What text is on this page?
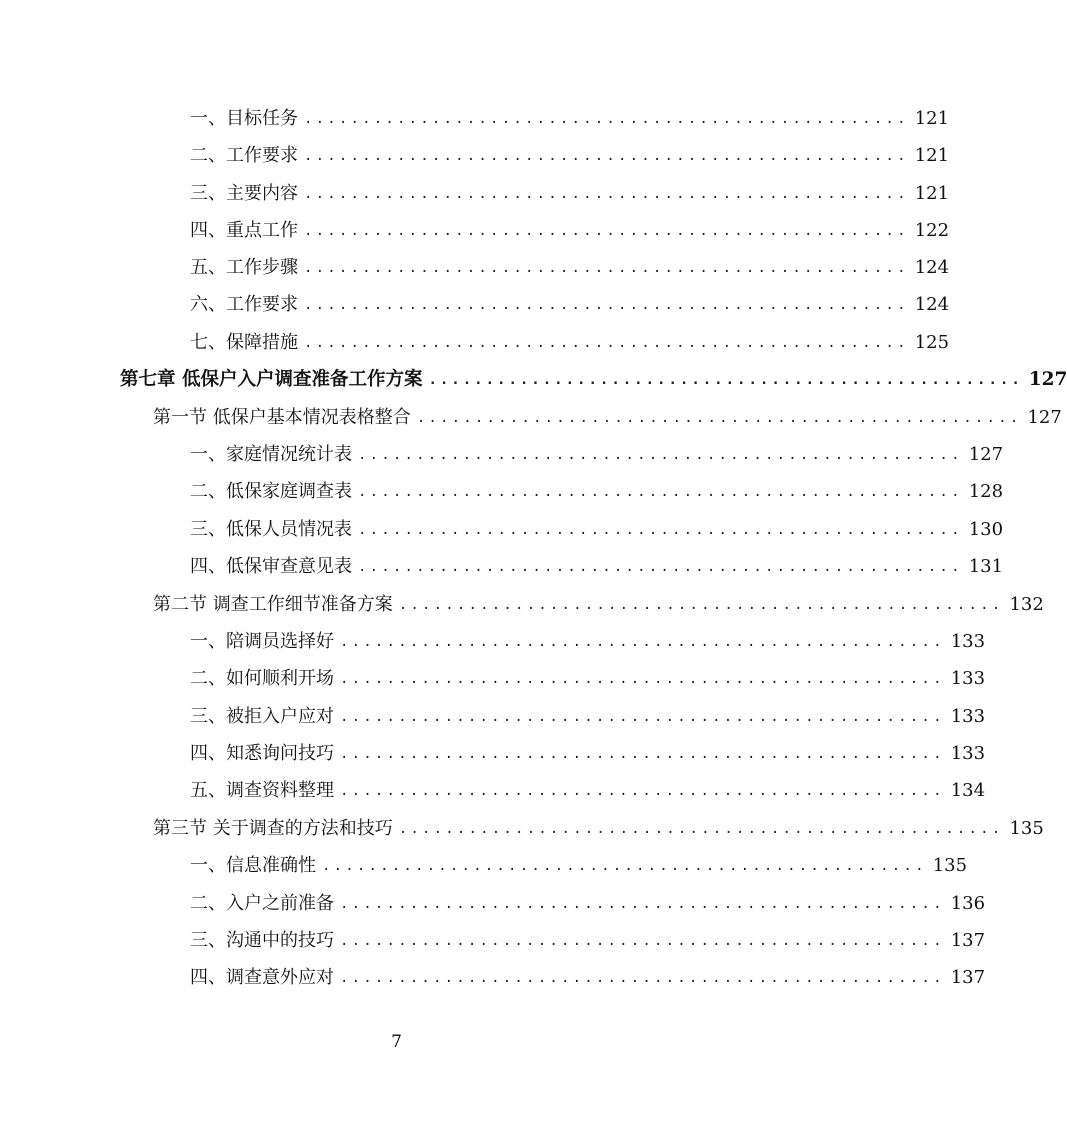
一、目标任务 .................................................... 121
二、工作要求 .................................................... 121
三、主要内容 .................................................... 121
四、重点工作 .................................................... 122
五、工作步骤 .................................................... 124
六、工作要求 .................................................... 124
七、保障措施 .................................................... 125
第七章 低保户入户调查准备工作方案 .................................................... 127
第一节 低保户基本情况表格整合 .................................................... 127
一、家庭情况统计表 .................................................... 127
二、低保家庭调查表 .................................................... 128
三、低保人员情况表 .................................................... 130
四、低保审查意见表 .................................................... 131
第二节 调查工作细节准备方案 .................................................... 132
一、陪调员选择好 .................................................... 133
二、如何顺利开场 .................................................... 133
三、被拒入户应对 .................................................... 133
四、知悉询问技巧 .................................................... 133
五、调查资料整理 .................................................... 134
第三节 关于调查的方法和技巧 .................................................... 135
一、信息准确性 .................................................... 135
二、入户之前准备 .................................................... 136
三、沟通中的技巧 .................................................... 137
四、调查意外应对 .................................................... 137
7
